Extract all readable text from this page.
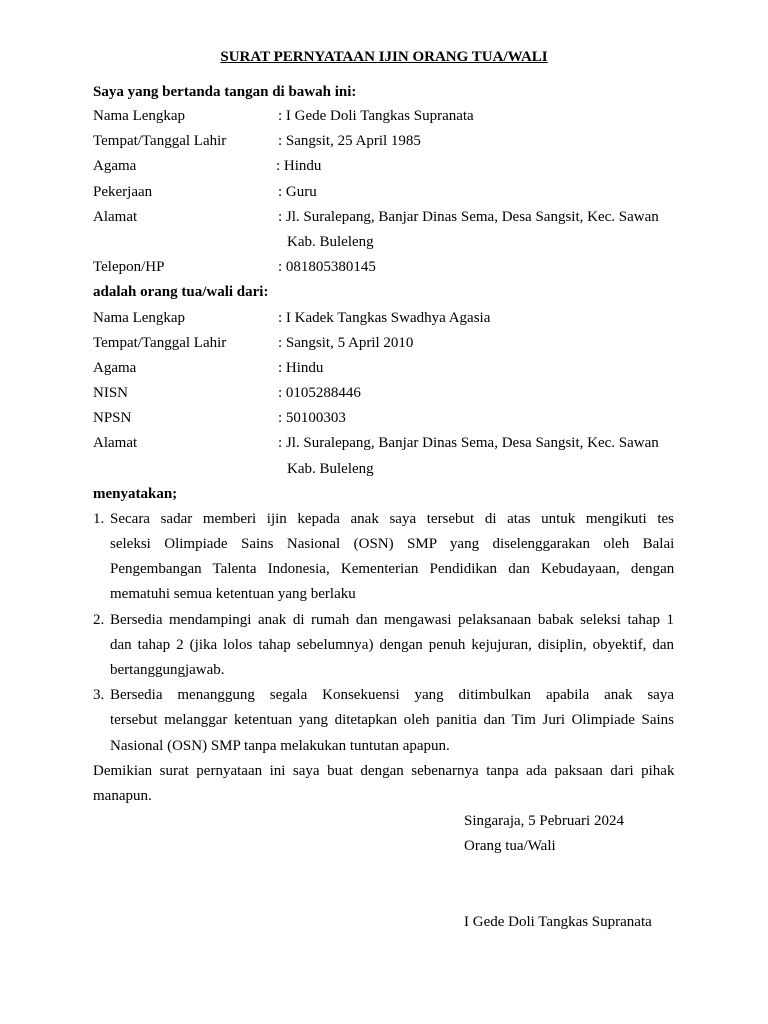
SURAT PERNYATAAN IJIN ORANG TUA/WALI
Saya yang bertanda tangan di bawah ini:
Nama Lengkap	: I Gede Doli Tangkas Supranata
Tempat/Tanggal Lahir	: Sangsit, 25 April 1985
Agama	: Hindu
Pekerjaan	: Guru
Alamat	: Jl. Suralepang, Banjar Dinas Sema, Desa Sangsit, Kec. Sawan
Kab. Buleleng
Telepon/HP	: 081805380145
adalah orang tua/wali dari:
Nama Lengkap	: I Kadek Tangkas Swadhya Agasia
Tempat/Tanggal Lahir	: Sangsit, 5 April 2010
Agama	: Hindu
NISN	: 0105288446
NPSN	: 50100303
Alamat	: Jl. Suralepang, Banjar Dinas Sema, Desa Sangsit, Kec. Sawan
Kab. Buleleng
menyatakan;
1. Secara sadar memberi ijin kepada anak saya tersebut di atas untuk mengikuti tes
seleksi Olimpiade Sains Nasional (OSN) SMP yang diselenggarakan oleh Balai
Pengembangan Talenta Indonesia, Kementerian Pendidikan dan Kebudayaan, dengan
mematuhi semua ketentuan yang berlaku
2. Bersedia mendampingi anak di rumah dan mengawasi pelaksanaan babak seleksi tahap 1
dan tahap 2 (jika lolos tahap sebelumnya) dengan penuh kejujuran, disiplin, obyektif, dan
bertanggungjawab.
3. Bersedia menanggung segala Konsekuensi yang ditimbulkan apabila anak saya
tersebut melanggar ketentuan yang ditetapkan oleh panitia dan Tim Juri Olimpiade Sains
Nasional (OSN) SMP tanpa melakukan tuntutan apapun.
Demikian surat pernyataan ini saya buat dengan sebenarnya tanpa ada paksaan dari pihak
manapun.
Singaraja, 5 Pebruari 2024
Orang tua/Wali
I Gede Doli Tangkas Supranata
